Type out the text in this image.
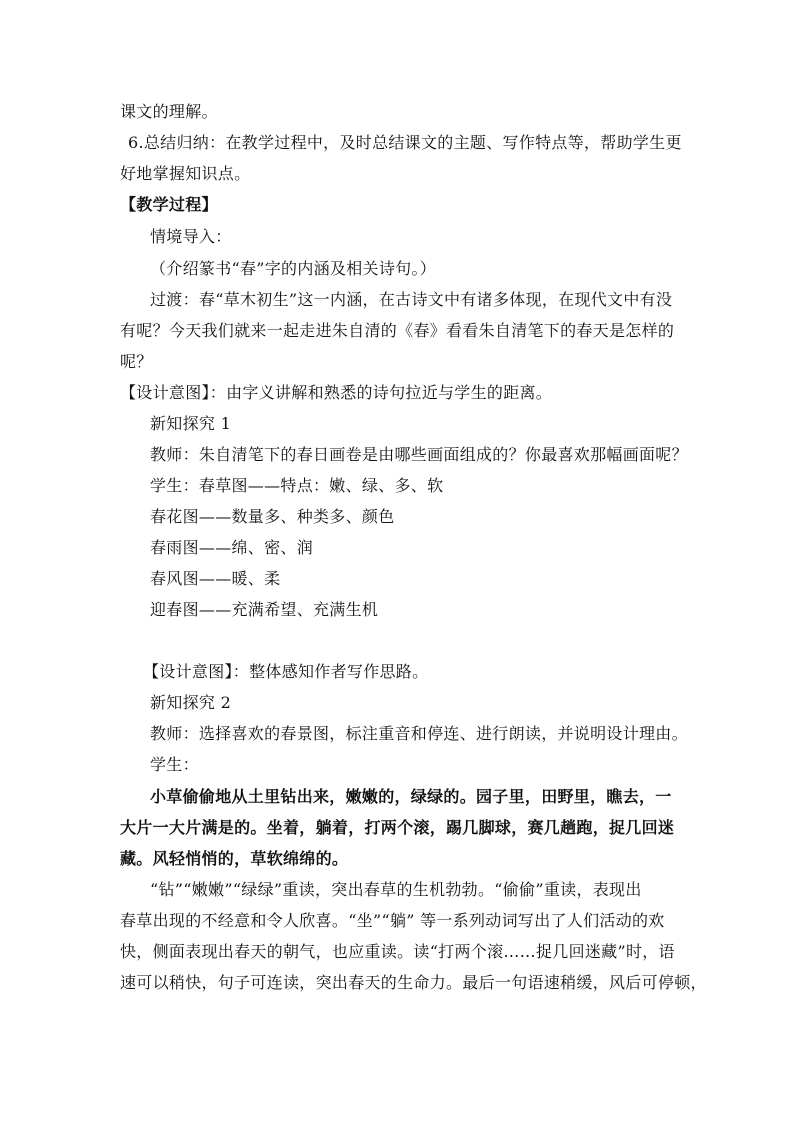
课文的理解。
6.总结归纳：在教学过程中，及时总结课文的主题、写作特点等，帮助学生更
好地掌握知识点。
【教学过程】
情境导入：
（介绍篆书“春”字的内涵及相关诗句。）
过渡：春“草木初生”这一内涵，在古诗文中有诸多体现，在现代文中有没
有呢？今天我们就来一起走进朱自清的《春》看看朱自清笔下的春天是怎样的
呢？
【设计意图】：由字义讲解和熟悉的诗句拉近与学生的距离。
新知探究 1
教师：朱自清笔下的春日画卷是由哪些画面组成的？你最喜欢那幅画面呢？
学生：春草图——特点：嫩、绿、多、软
春花图——数量多、种类多、颜色
春雨图——绵、密、润
春风图——暖、柔
迎春图——充满希望、充满生机
【设计意图】：整体感知作者写作思路。
新知探究 2
教师：选择喜欢的春景图，标注重音和停连、进行朗读，并说明设计理由。
学生：
小草偷偷地从土里钻出来，嫩嫩的，绿绿的。园子里，田野里，瞧去，一
大片一大片满是的。坐着，躺着，打两个滚，踢几脚球，赛几趟跑，捉几回迷
藏。风轻悄悄的，草软绵绵的。
“钻”“嫩嫩”“绿绿”重读，突出春草的生机勃勃。“偷偷”重读，表现出
春草出现的不经意和令人欣喜。“坐”“躺” 等一系列动词写出了人们活动的欢
快，侧面表现出春天的朝气，也应重读。读“打两个滚……捉几回迷藏”时，语
速可以稍快，句子可连读，突出春天的生命力。最后一句语速稍缓，风后可停顿，
